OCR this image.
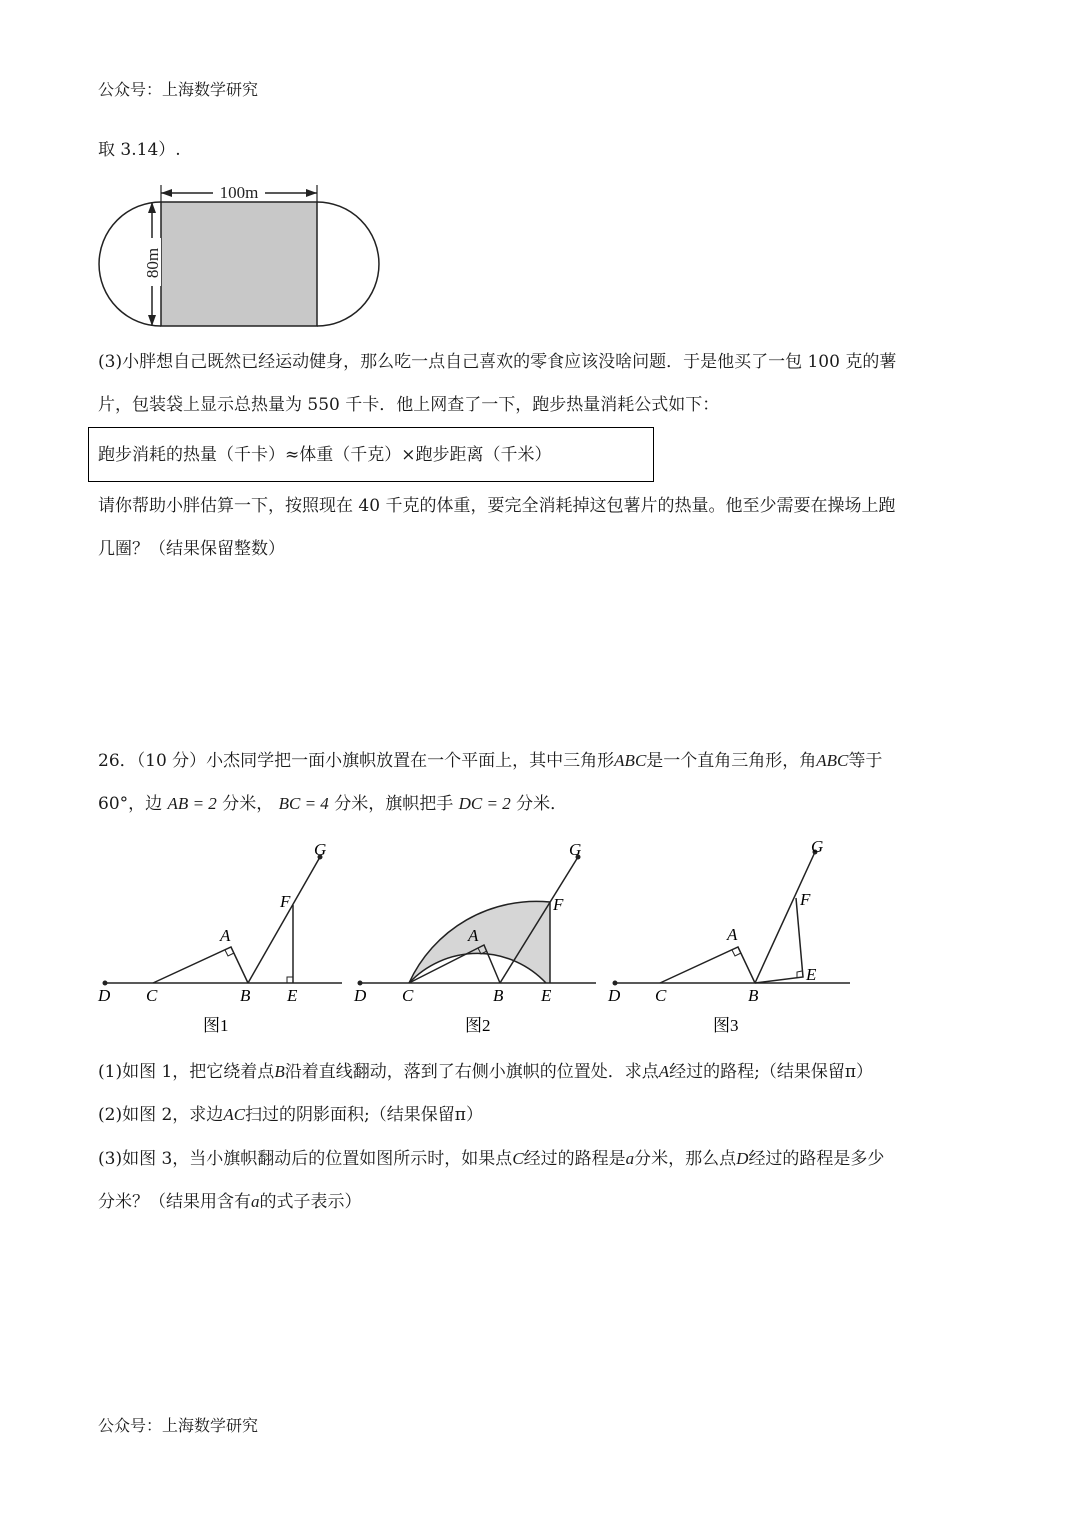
公众号：上海数学研究
取 3.14）.
100m
80m
(3)小胖想自己既然已经运动健身，那么吃一点自己喜欢的零食应该没啥问题．于是他买了一包 100 克的薯
片，包装袋上显示总热量为 550 千卡．他上网查了一下，跑步热量消耗公式如下：
跑步消耗的热量（千卡）≈体重（千克）×跑步距离（千米）
请你帮助小胖估算一下，按照现在 40 千克的体重，要完全消耗掉这包薯片的热量。他至少需要在操场上跑
几圈？（结果保留整数）
26．（10 分）小杰同学把一面小旗帜放置在一个平面上，其中三角形ABC是一个直角三角形，角ABC等于
60°，边 AB = 2 分米， BC = 4 分米，旗帜把手 DC = 2 分米．
D C	B E
A
F
G
图1
D C	B E
A
F
G
图2
D C	B
E
A
F
G
图3
(1)如图 1，把它绕着点B沿着直线翻动，落到了右侧小旗帜的位置处．求点A经过的路程;（结果保留π）
(2)如图 2，求边AC扫过的阴影面积;（结果保留π）
(3)如图 3，当小旗帜翻动后的位置如图所示时，如果点C经过的路程是a分米，那么点D经过的路程是多少
分米？（结果用含有a的式子表示）
公众号：上海数学研究
